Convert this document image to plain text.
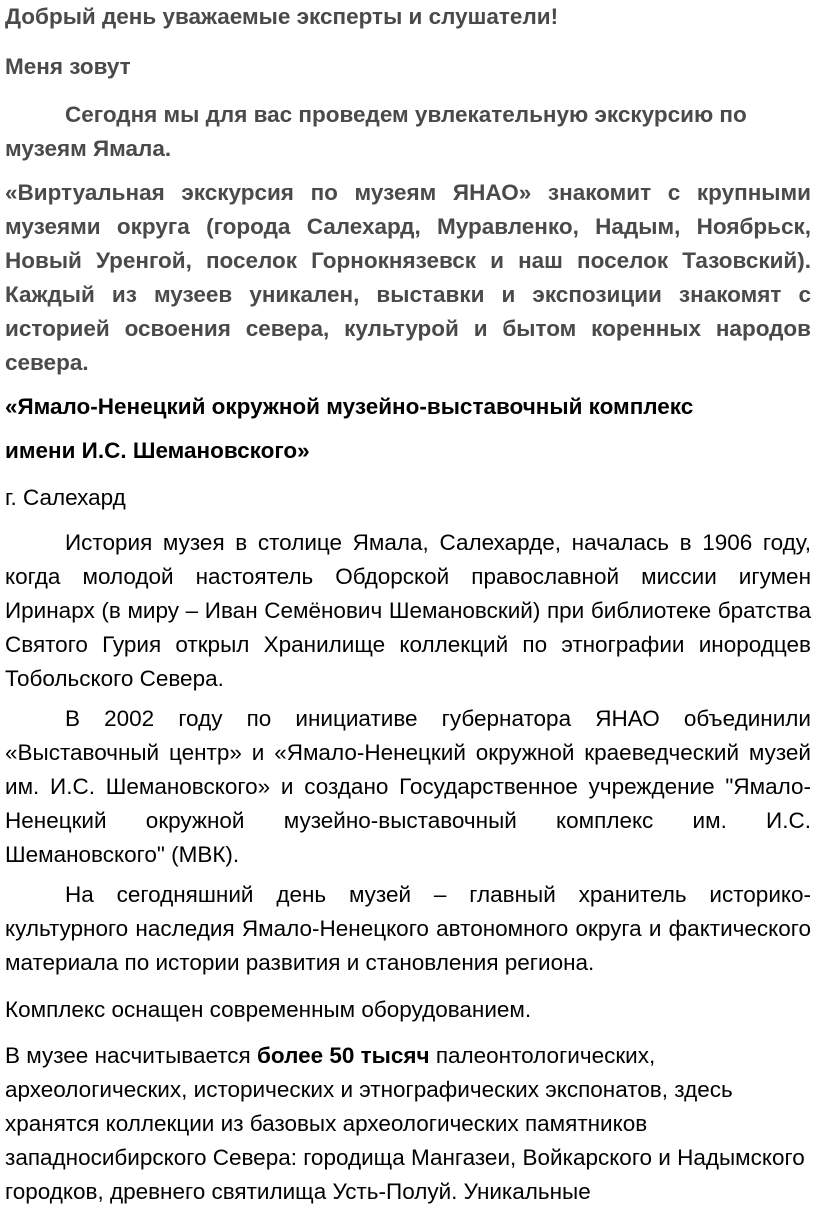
Добрый день уважаемые эксперты и слушатели!

Меня зовут

Сегодня мы для вас проведем увлекательную экскурсию по музеям Ямала.

«Виртуальная экскурсия по музеям ЯНАО» знакомит с крупными музеями округа (города Салехард, Муравленко, Надым, Ноябрьск, Новый Уренгой, поселок Горнокнязевск и наш поселок Тазовский). Каждый из музеев уникален, выставки и экспозиции знакомят с историей освоения севера, культурой и бытом коренных народов севера.

«Ямало-Ненецкий окружной музейно-выставочный комплекс

имени И.С. Шемановского»

г. Салехард

История музея в столице Ямала, Салехарде, началась в 1906 году, когда молодой настоятель Обдорской православной миссии игумен Иринарх (в миру – Иван Семёнович Шемановский) при библиотеке братства Святого Гурия открыл Хранилище коллекций по этнографии инородцев Тобольского Севера.

В 2002 году по инициативе губернатора ЯНАО объединили «Выставочный центр» и «Ямало-Ненецкий окружной краеведческий музей им. И.С. Шемановского» и создано Государственное учреждение "Ямало-Ненецкий окружной музейно-выставочный комплекс им. И.С. Шемановского" (МВК).

На сегодняшний день музей – главный хранитель историко-культурного наследия Ямало-Ненецкого автономного округа и фактического материала по истории развития и становления региона.

Комплекс оснащен современным оборудованием.

В музее насчитывается более 50 тысяч палеонтологических, археологических, исторических и этнографических экспонатов, здесь хранятся коллекции из базовых археологических памятников западносибирского Севера: городища Мангазеи, Войкарского и Надымского городков, древнего святилища Усть-Полуй. Уникальные
